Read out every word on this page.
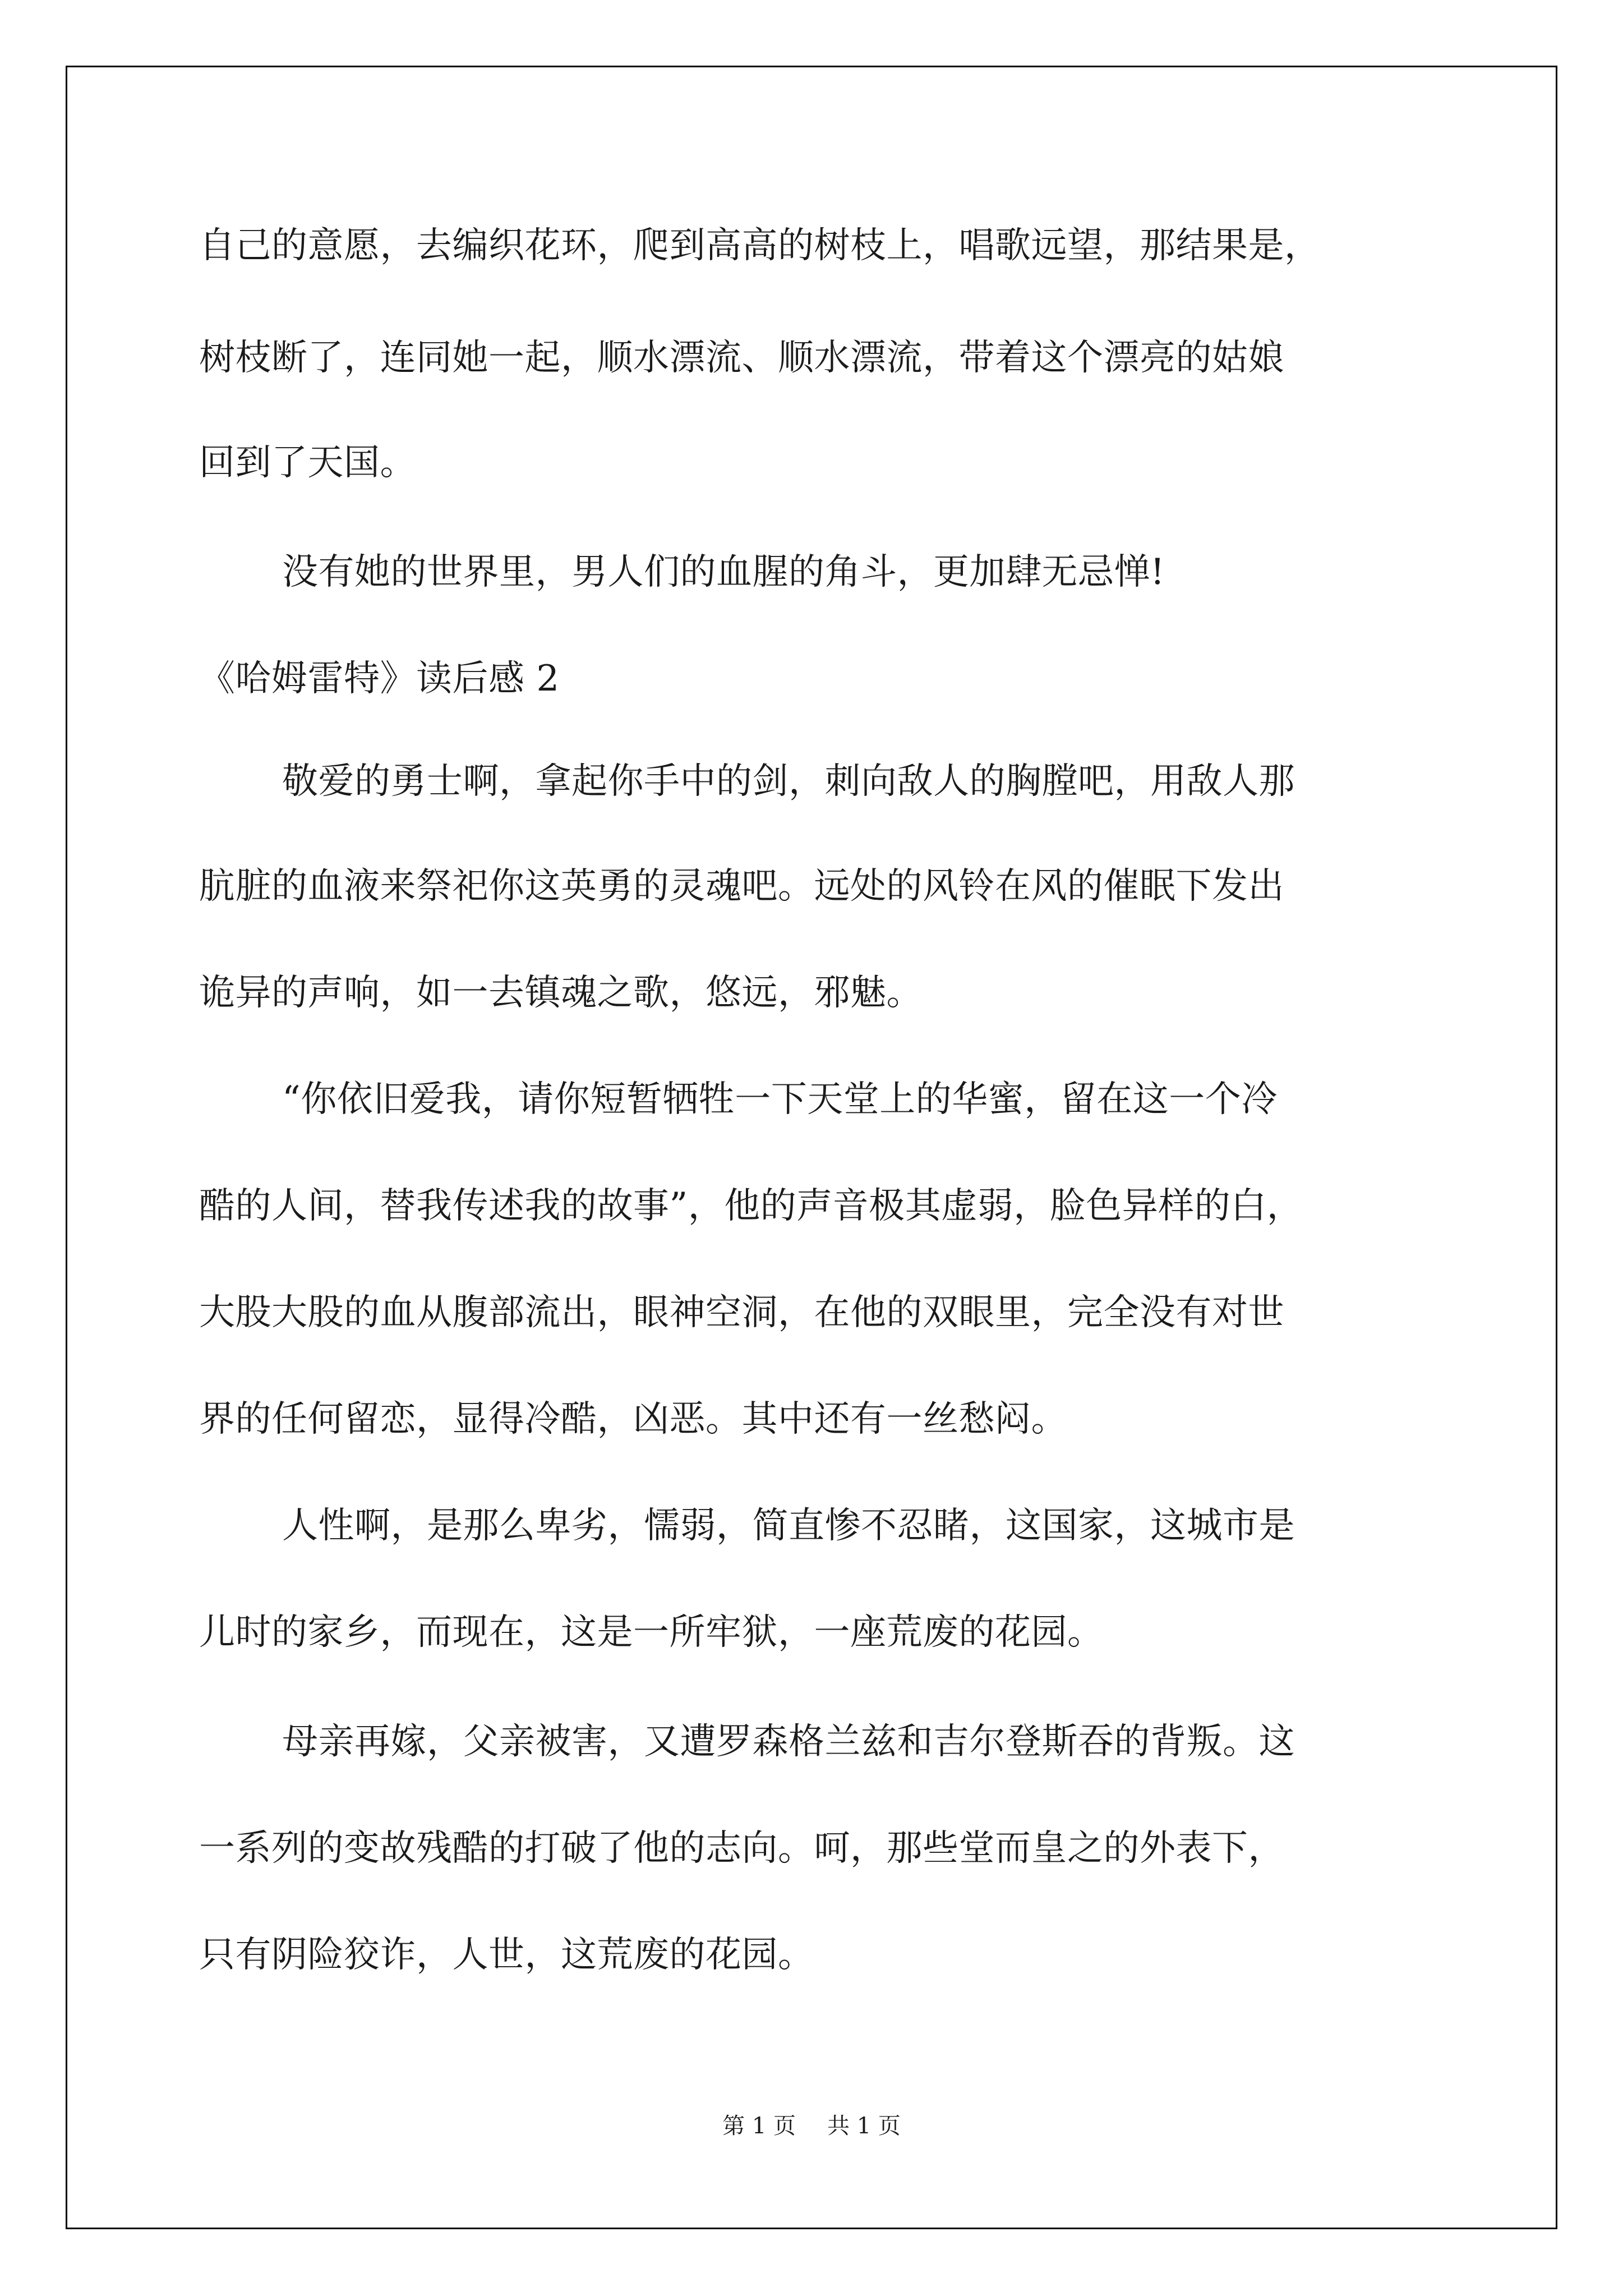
自己的意愿，去编织花环，爬到高高的树枝上，唱歌远望，那结果是，
树枝断了，连同她一起，顺水漂流、顺水漂流，带着这个漂亮的姑娘
回到了天国。
没有她的世界里，男人们的血腥的角斗，更加肆无忌惮!
《哈姆雷特》读后感 2
敬爱的勇士啊，拿起你手中的剑，刺向敌人的胸膛吧，用敌人那
肮脏的血液来祭祀你这英勇的灵魂吧。远处的风铃在风的催眠下发出
诡异的声响，如一去镇魂之歌，悠远，邪魅。
“你依旧爱我，请你短暂牺牲一下天堂上的华蜜，留在这一个冷
酷的人间，替我传述我的故事”，他的声音极其虚弱，脸色异样的白，
大股大股的血从腹部流出，眼神空洞，在他的双眼里，完全没有对世
界的任何留恋，显得冷酷，凶恶。其中还有一丝愁闷。
人性啊，是那么卑劣，懦弱，简直惨不忍睹，这国家，这城市是
儿时的家乡，而现在，这是一所牢狱，一座荒废的花园。
母亲再嫁，父亲被害，又遭罗森格兰兹和吉尔登斯吞的背叛。这
一系列的变故残酷的打破了他的志向。呵，那些堂而皇之的外表下，
只有阴险狡诈，人世，这荒废的花园。
第 1 页 共 1 页
